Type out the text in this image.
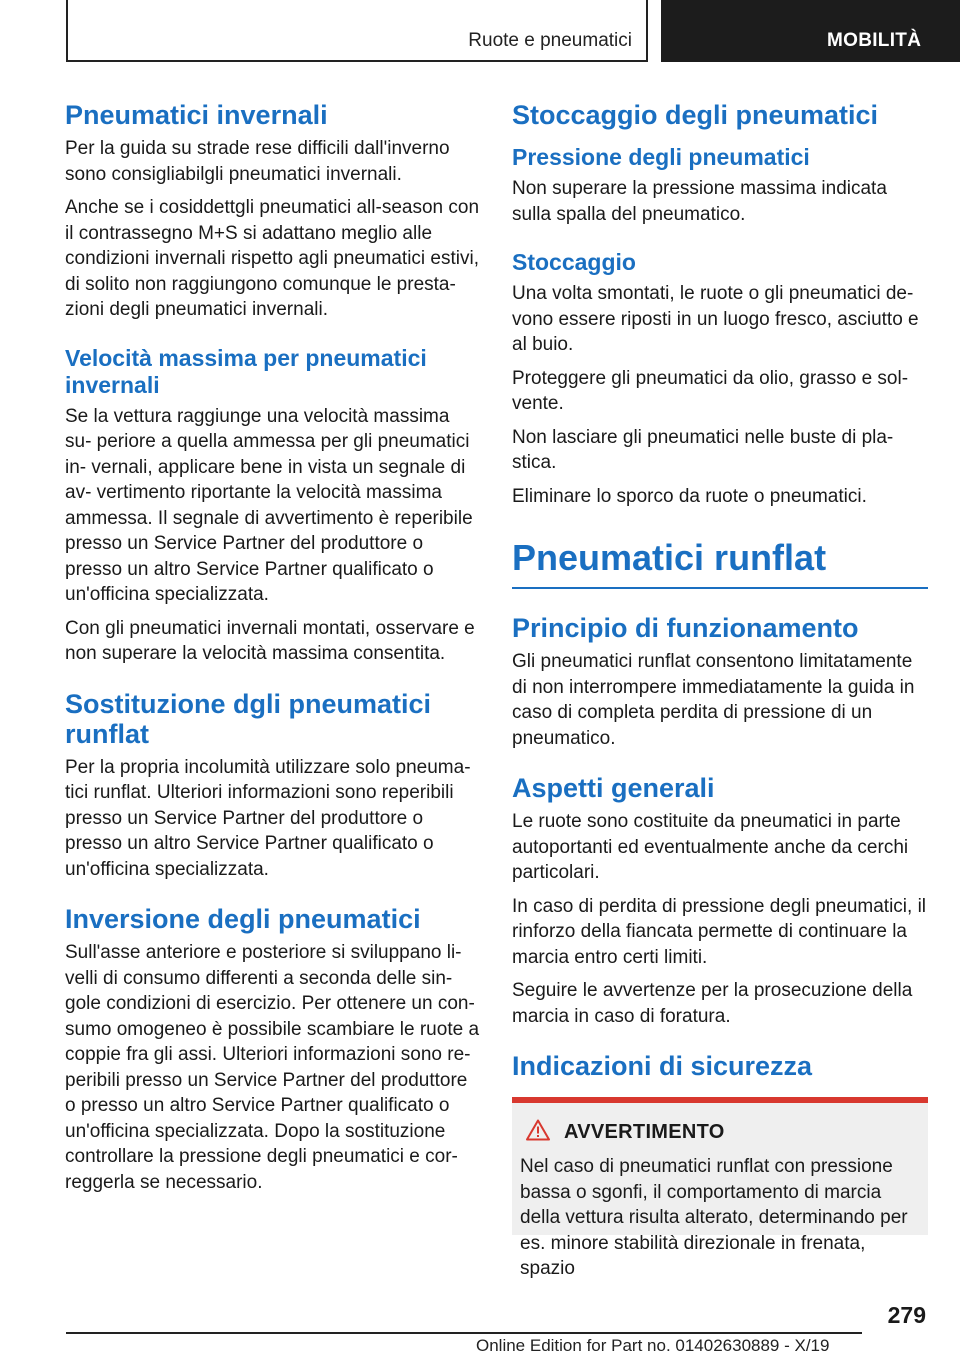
Ruote e pneumatici	MOBILITÀ
Pneumatici invernali

Per la guida su strade rese difficili dall'inverno sono consigliabilgli pneumatici invernali.

Anche se i cosiddettgli pneumatici all-season con il contrassegno M+S si adattano meglio alle condizioni invernali rispetto agli pneumatici estivi, di solito non raggiungono comunque le presta- zioni degli pneumatici invernali.

Velocità massima per pneumatici invernali

Se la vettura raggiunge una velocità massima su- periore a quella ammessa per gli pneumatici in- vernali, applicare bene in vista un segnale di av- vertimento riportante la velocità massima ammessa. Il segnale di avvertimento è reperibile presso un Service Partner del produttore o presso un altro Service Partner qualificato o un'officina specializzata.

Con gli pneumatici invernali montati, osservare e non superare la velocità massima consentita.

Sostituzione dgli pneumatici runflat

Per la propria incolumità utilizzare solo pneuma- tici runflat. Ulteriori informazioni sono reperibili presso un Service Partner del produttore o presso un altro Service Partner qualificato o un'officina specializzata.

Inversione degli pneumatici

Sull'asse anteriore e posteriore si sviluppano li- velli di consumo differenti a seconda delle sin- gole condizioni di esercizio. Per ottenere un con- sumo omogeneo è possibile scambiare le ruote a coppie fra gli assi. Ulteriori informazioni sono re- peribili presso un Service Partner del produttore o presso un altro Service Partner qualificato o un'officina specializzata. Dopo la sostituzione controllare la pressione degli pneumatici e cor- reggerla se necessario.

Stoccaggio degli pneumatici
Pressione degli pneumatici

Non superare la pressione massima indicata sulla spalla del pneumatico.

Stoccaggio

Una volta smontati, le ruote o gli pneumatici de- vono essere riposti in un luogo fresco, asciutto e al buio.

Proteggere gli pneumatici da olio, grasso e sol- vente.

Non lasciare gli pneumatici nelle buste di pla- stica.

Eliminare lo sporco da ruote o pneumatici.

Pneumatici runflat
Principio di funzionamento

Gli pneumatici runflat consentono limitatamente di non interrompere immediatamente la guida in caso di completa perdita di pressione di un pneumatico.

Aspetti generali

Le ruote sono costituite da pneumatici in parte autoportanti ed eventualmente anche da cerchi particolari.

In caso di perdita di pressione degli pneumatici, il rinforzo della fiancata permette di continuare la marcia entro certi limiti.

Seguire le avvertenze per la prosecuzione della marcia in caso di foratura.

Indicazioni di sicurezza
AVVERTIMENTO

Nel caso di pneumatici runflat con pressione bassa o sgonfi, il comportamento di marcia della vettura risulta alterato, determinando per es. minore stabilità direzionale in frenata, spazio

279
Online Edition for Part no. 01402630889 - X/19
